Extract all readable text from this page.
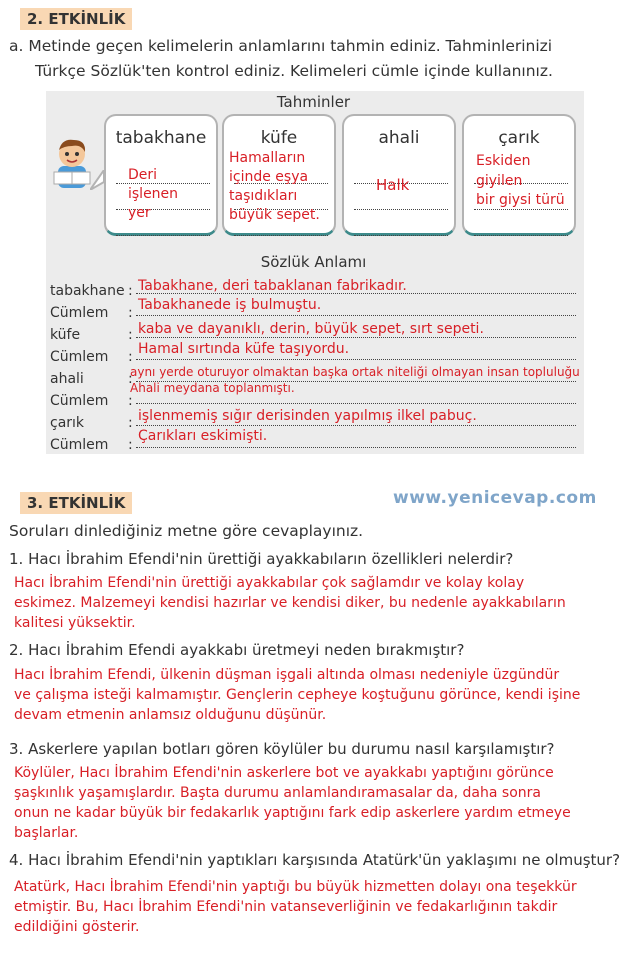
2. ETKİNLİK
a. Metinde geçen kelimelerin anlamlarını tahmin ediniz. Tahminlerinizi
Türkçe Sözlük'ten kontrol ediniz. Kelimeleri cümle içinde kullanınız.
Tahminler
tabakhane
Deri
işlenen
yer
küfe
Hamalların
içinde eşya
taşıdıkları
büyük sepet.
ahali
Halk
çarık
Eskiden
giyilen
bir giysi türü
Sözlük Anlamı
tabakhane : Tabakhane, deri tabaklanan fabrikadır.
Cümlem : Tabakhanede iş bulmuştu.
küfe	: kaba ve dayanıklı, derin, büyük sepet, sırt sepeti.
Cümlem : Hamal sırtında küfe taşıyordu.
ahali	:
aynı yerde oturuyor olmaktan başka ortak niteliği olmayan insan topluluğu
Cümlem :
Ahali meydana toplanmıştı.
çarık	: işlenmemiş sığır derisinden yapılmış ilkel pabuç.
Cümlem :
Çarıkları eskimişti.
3. ETKİNLİK	www.yenicevap.com
Soruları dinlediğiniz metne göre cevaplayınız.
1. Hacı İbrahim Efendi'nin ürettiği ayakkabıların özellikleri nelerdir?
Hacı İbrahim Efendi'nin ürettiği ayakkabılar çok sağlamdır ve kolay kolay
eskimez. Malzemeyi kendisi hazırlar ve kendisi diker, bu nedenle ayakkabıların
kalitesi yüksektir.
2. Hacı İbrahim Efendi ayakkabı üretmeyi neden bırakmıştır?
Hacı İbrahim Efendi, ülkenin düşman işgali altında olması nedeniyle üzgündür
ve çalışma isteği kalmamıştır. Gençlerin cepheye koştuğunu görünce, kendi işine
devam etmenin anlamsız olduğunu düşünür.
3. Askerlere yapılan botları gören köylüler bu durumu nasıl karşılamıştır?
Köylüler, Hacı İbrahim Efendi'nin askerlere bot ve ayakkabı yaptığını görünce
şaşkınlık yaşamışlardır. Başta durumu anlamlandıramasalar da, daha sonra
onun ne kadar büyük bir fedakarlık yaptığını fark edip askerlere yardım etmeye
başlarlar.
4. Hacı İbrahim Efendi'nin yaptıkları karşısında Atatürk'ün yaklaşımı ne olmuştur?
Atatürk, Hacı İbrahim Efendi'nin yaptığı bu büyük hizmetten dolayı ona teşekkür
etmiştir. Bu, Hacı İbrahim Efendi'nin vatanseverliğinin ve fedakarlığının takdir
edildiğini gösterir.
